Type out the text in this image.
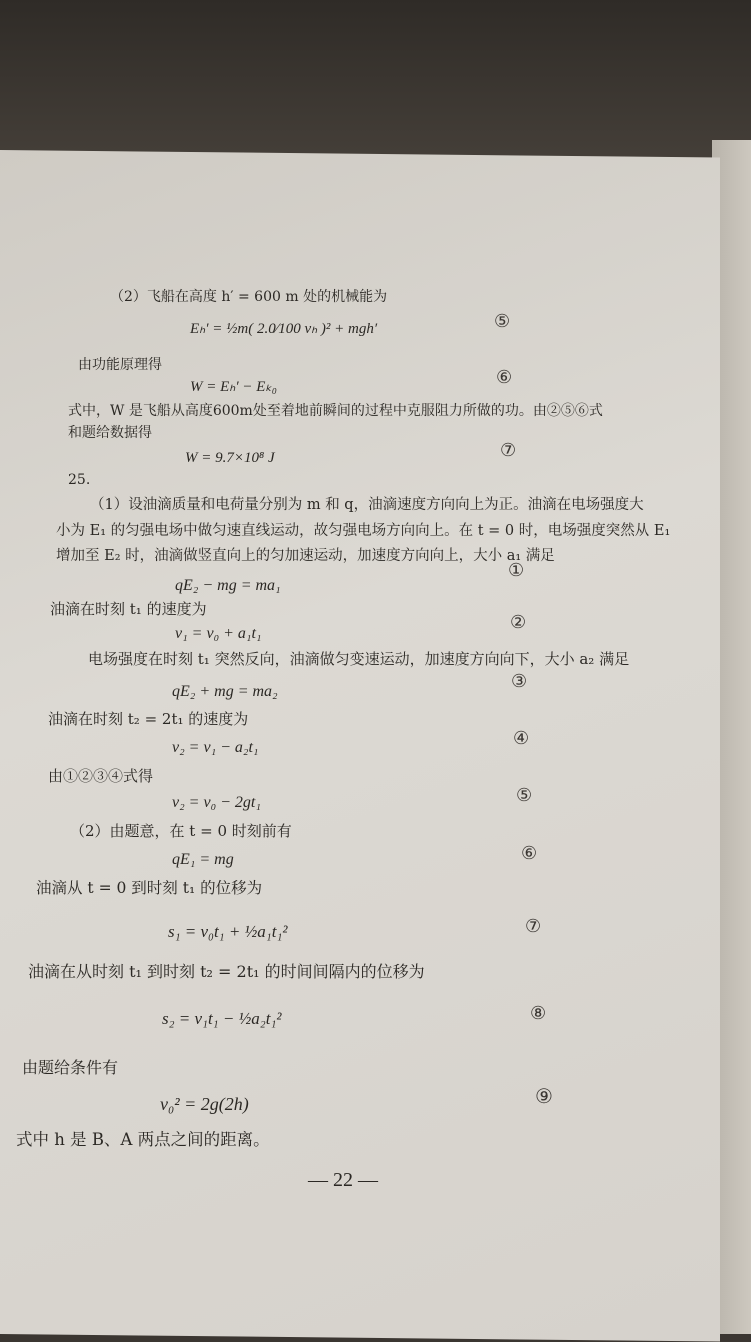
（2）飞船在高度 h′ = 600 m 处的机械能为
Eₕ′ = ½m( 2.0⁄100 vₕ )² + mgh′	⑤
由功能原理得
W = Eₕ′ − Eₖ₀	⑥
式中，W 是飞船从高度600m处至着地前瞬间的过程中克服阻力所做的功。由②⑤⑥式
和题给数据得
W = 9.7×10⁸ J	⑦
25.
（1）设油滴质量和电荷量分别为 m 和 q，油滴速度方向向上为正。油滴在电场强度大
小为 E₁ 的匀强电场中做匀速直线运动，故匀强电场方向向上。在 t = 0 时，电场强度突然从 E₁
增加至 E₂ 时，油滴做竖直向上的匀加速运动，加速度方向向上，大小 a₁ 满足
qE₂ − mg = ma₁
①
油滴在时刻 t₁ 的速度为
v₁ = v₀ + a₁t₁
②
电场强度在时刻 t₁ 突然反向，油滴做匀变速运动，加速度方向向下，大小 a₂ 满足
qE₂ + mg = ma₂	③
油滴在时刻 t₂ = 2t₁ 的速度为
v₂ = v₁ − a₂t₁	④
由①②③④式得
v₂ = v₀ − 2gt₁	⑤
（2）由题意，在 t = 0 时刻前有
qE₁ = mg	⑥
油滴从 t = 0 到时刻 t₁ 的位移为
s₁ = v₀t₁ + ½a₁t₁²	⑦
油滴在从时刻 t₁ 到时刻 t₂ = 2t₁ 的时间间隔内的位移为
s₂ = v₁t₁ − ½a₂t₁²	⑧
由题给条件有
v₀² = 2g(2h)	⑨
式中 h 是 B、A 两点之间的距离。
— 22 —
